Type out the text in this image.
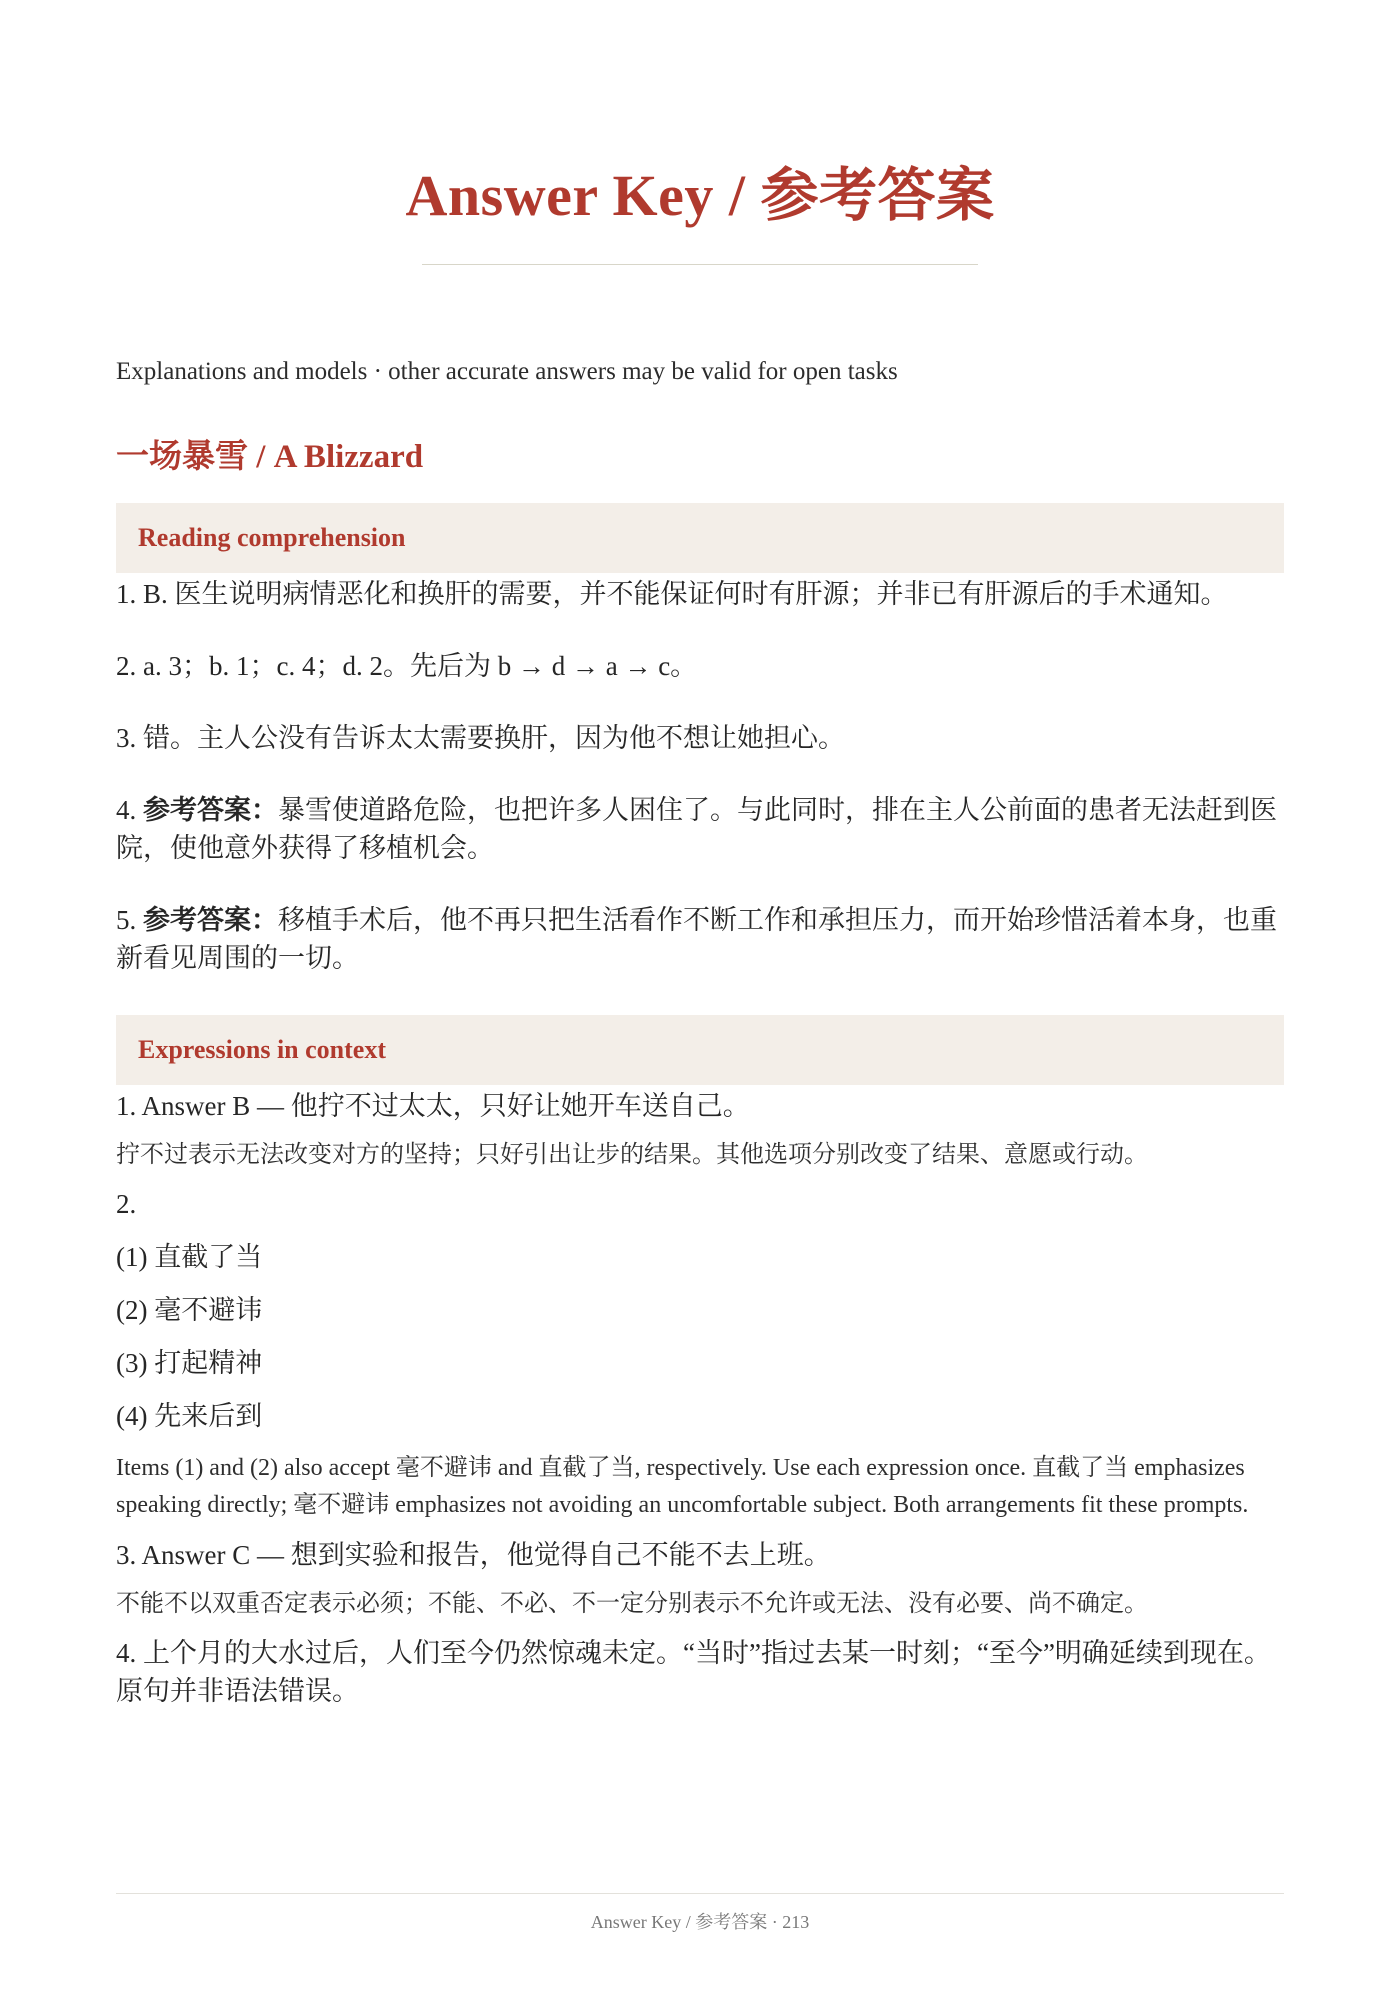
Answer Key / 参考答案

Explanations and models · other accurate answers may be valid for open tasks

一场暴雪 / A Blizzard
Reading comprehension

1. B. 医生说明病情恶化和换肝的需要，并不能保证何时有肝源；并非已有肝源后的手术通知。

2. a. 3；b. 1；c. 4；d. 2。先后为 b → d → a → c。

3. 错。主人公没有告诉太太需要换肝，因为他不想让她担心。

4. 参考答案：暴雪使道路危险，也把许多人困住了。与此同时，排在主人公前面的患者无法赶到医院，使他意外获得了移植机会。

5. 参考答案：移植手术后，他不再只把生活看作不断工作和承担压力，而开始珍惜活着本身，也重新看见周围的一切。

Expressions in context

1. Answer B — 他拧不过太太，只好让她开车送自己。

拧不过表示无法改变对方的坚持；只好引出让步的结果。其他选项分别改变了结果、意愿或行动。

2.

(1) 直截了当

(2) 毫不避讳

(3) 打起精神

(4) 先来后到

Items (1) and (2) also accept 毫不避讳 and 直截了当, respectively. Use each expression once. 直截了当 emphasizes speaking directly; 毫不避讳 emphasizes not avoiding an uncomfortable subject. Both arrangements fit these prompts.

3. Answer C — 想到实验和报告，他觉得自己不能不去上班。

不能不以双重否定表示必须；不能、不必、不一定分别表示不允许或无法、没有必要、尚不确定。

4. 上个月的大水过后，人们至今仍然惊魂未定。“当时”指过去某一时刻；“至今”明确延续到现在。原句并非语法错误。

Answer Key / 参考答案 · 213
